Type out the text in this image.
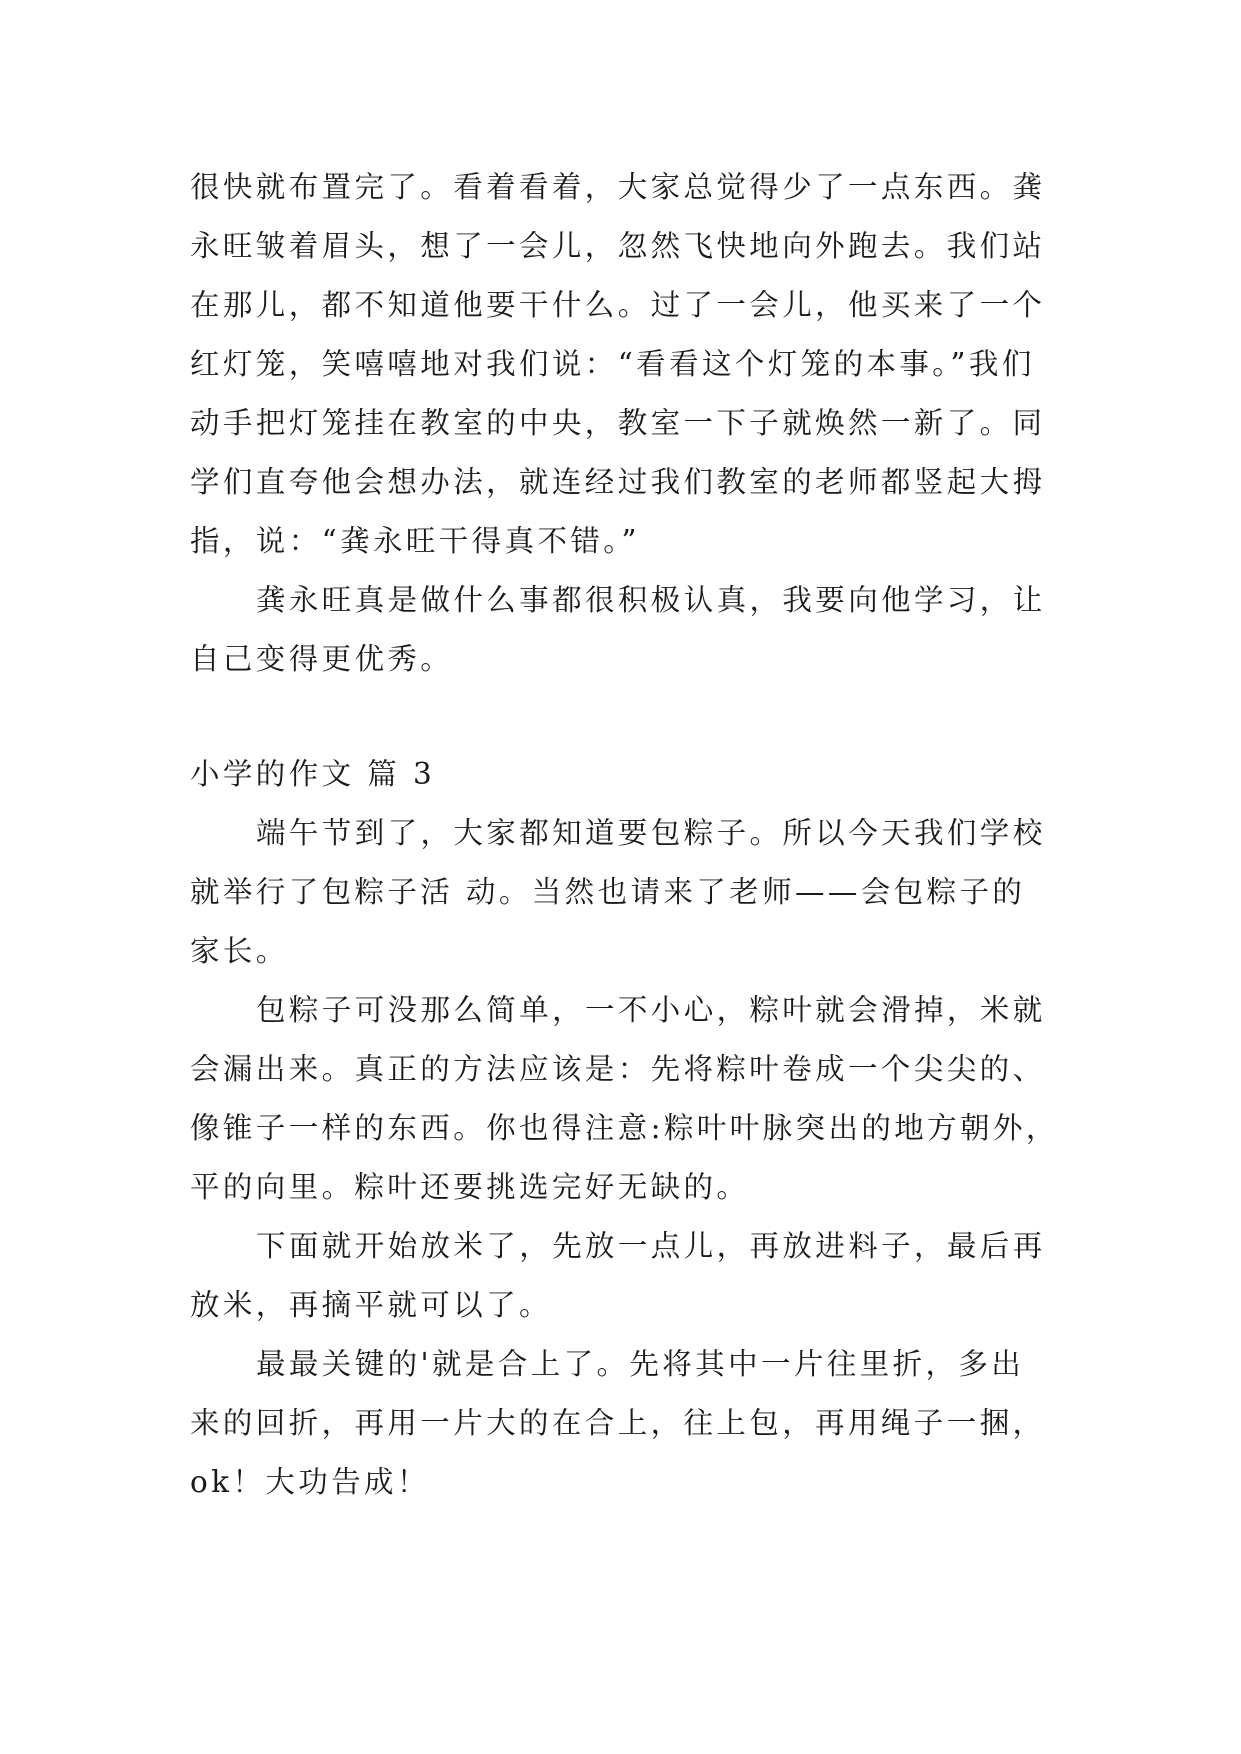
很快就布置完了。看着看着，大家总觉得少了一点东西。龚
永旺皱着眉头，想了一会儿，忽然飞快地向外跑去。我们站
在那儿，都不知道他要干什么。过了一会儿，他买来了一个
红灯笼，笑嘻嘻地对我们说：“看看这个灯笼的本事。”我们
动手把灯笼挂在教室的中央，教室一下子就焕然一新了。同
学们直夸他会想办法，就连经过我们教室的老师都竖起大拇
指，说：“龚永旺干得真不错。”
龚永旺真是做什么事都很积极认真，我要向他学习，让
自己变得更优秀。
小学的作文 篇 3
端午节到了，大家都知道要包粽子。所以今天我们学校
就举行了包粽子活 动。当然也请来了老师——会包粽子的
家长。
包粽子可没那么简单，一不小心，粽叶就会滑掉，米就
会漏出来。真正的方法应该是：先将粽叶卷成一个尖尖的、
像锥子一样的东西。你也得注意:粽叶叶脉突出的地方朝外，
平的向里。粽叶还要挑选完好无缺的。
下面就开始放米了，先放一点儿，再放进料子，最后再
放米，再摘平就可以了。
最最关键的'就是合上了。先将其中一片往里折，多出
来的回折，再用一片大的在合上，往上包，再用绳子一捆，
ok！大功告成！
